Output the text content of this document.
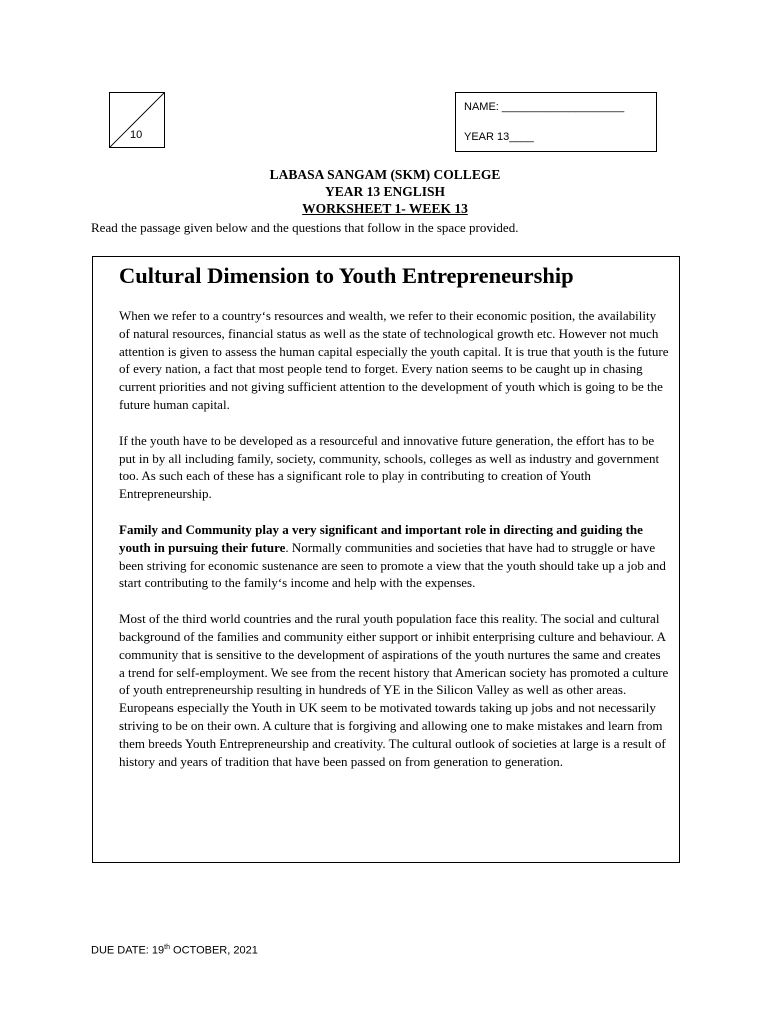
10
NAME: ____________________
YEAR 13____
LABASA SANGAM (SKM) COLLEGE
YEAR 13 ENGLISH
WORKSHEET 1- WEEK 13
Read the passage given below and the questions that follow in the space provided.
Cultural Dimension to Youth Entrepreneurship

When we refer to a country‘s resources and wealth, we refer to their economic position, the availability of natural resources, financial status as well as the state of technological growth etc. However not much attention is given to assess the human capital especially the youth capital. It is true that youth is the future of every nation, a fact that most people tend to forget. Every nation seems to be caught up in chasing current priorities and not giving sufficient attention to the development of youth which is going to be the future human capital.

If the youth have to be developed as a resourceful and innovative future generation, the effort has to be put in by all including family, society, community, schools, colleges as well as industry and government too. As such each of these has a significant role to play in contributing to creation of Youth Entrepreneurship.

Family and Community play a very significant and important role in directing and guiding the youth in pursuing their future. Normally communities and societies that have had to struggle or have been striving for economic sustenance are seen to promote a view that the youth should take up a job and start contributing to the family‘s income and help with the expenses.

Most of the third world countries and the rural youth population face this reality. The social and cultural background of the families and community either support or inhibit enterprising culture and behaviour. A community that is sensitive to the development of aspirations of the youth nurtures the same and creates a trend for self-employment. We see from the recent history that American society has promoted a culture of youth entrepreneurship resulting in hundreds of YE in the Silicon Valley as well as other areas. Europeans especially the Youth in UK seem to be motivated towards taking up jobs and not necessarily striving to be on their own. A culture that is forgiving and allowing one to make mistakes and learn from them breeds Youth Entrepreneurship and creativity. The cultural outlook of societies at large is a result of history and years of tradition that have been passed on from generation to generation.

DUE DATE: 19th OCTOBER, 2021
